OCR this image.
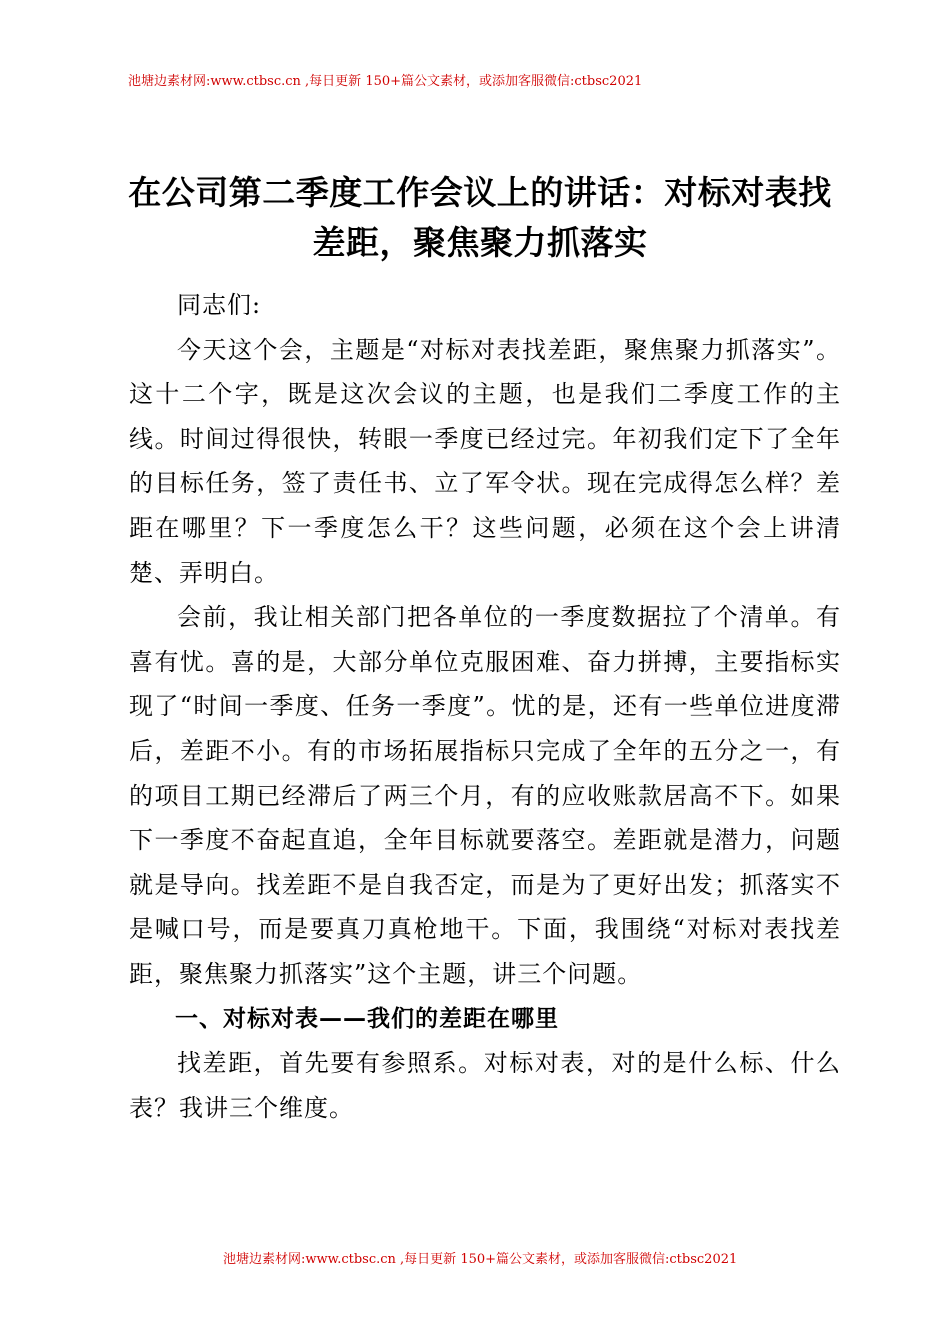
池塘边素材网:www.ctbsc.cn ,每日更新 150+篇公文素材，或添加客服微信:ctbsc2021
在公司第二季度工作会议上的讲话：对标对表找差距，聚焦聚力抓落实

同志们:

今天这个会，主题是“对标对表找差距，聚焦聚力抓落实”。这十二个字，既是这次会议的主题，也是我们二季度工作的主线。时间过得很快，转眼一季度已经过完。年初我们定下了全年的目标任务，签了责任书、立了军令状。现在完成得怎么样？差距在哪里？下一季度怎么干？这些问题，必须在这个会上讲清楚、弄明白。

会前，我让相关部门把各单位的一季度数据拉了个清单。有喜有忧。喜的是，大部分单位克服困难、奋力拼搏，主要指标实现了“时间一季度、任务一季度”。忧的是，还有一些单位进度滞后，差距不小。有的市场拓展指标只完成了全年的五分之一，有的项目工期已经滞后了两三个月，有的应收账款居高不下。如果下一季度不奋起直追，全年目标就要落空。差距就是潜力，问题就是导向。找差距不是自我否定，而是为了更好出发；抓落实不是喊口号，而是要真刀真枪地干。下面，我围绕“对标对表找差距，聚焦聚力抓落实”这个主题，讲三个问题。

一、对标对表——我们的差距在哪里

找差距，首先要有参照系。对标对表，对的是什么标、什么表？我讲三个维度。

池塘边素材网:www.ctbsc.cn ,每日更新 150+篇公文素材，或添加客服微信:ctbsc2021
